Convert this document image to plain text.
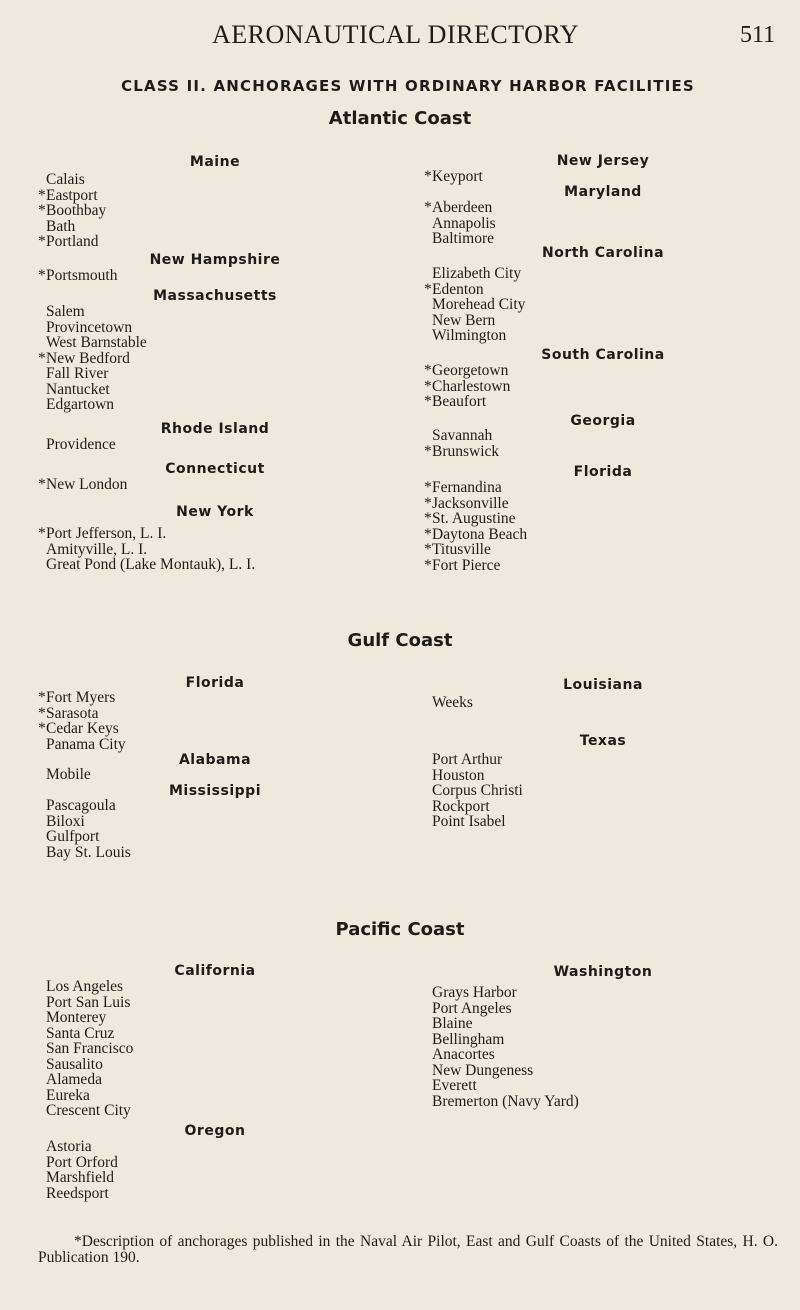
AERONAUTICAL DIRECTORY	511
CLASS II. ANCHORAGES WITH ORDINARY HARBOR FACILITIES
Atlantic Coast
Maine
Calais
*Eastport
*Boothbay
Bath
*Portland
New Hampshire
*Portsmouth
Massachusetts
Salem
Provincetown
West Barnstable
*New Bedford
Fall River
Nantucket
Edgartown
Rhode Island
Providence
Connecticut
*New London
New York
*Port Jefferson, L. I.
Amityville, L. I.
Great Pond (Lake Montauk), L. I.
New Jersey
*Keyport
Maryland
*Aberdeen
Annapolis
Baltimore
North Carolina
Elizabeth City
*Edenton
Morehead City
New Bern
Wilmington
South Carolina
*Georgetown
*Charlestown
*Beaufort
Georgia
Savannah
*Brunswick
Florida
*Fernandina
*Jacksonville
*St. Augustine
*Daytona Beach
*Titusville
*Fort Pierce
Gulf Coast
Florida
*Fort Myers
*Sarasota
*Cedar Keys
Panama City
Alabama
Mobile
Mississippi
Pascagoula
Biloxi
Gulfport
Bay St. Louis
Louisiana
Weeks
Texas
Port Arthur
Houston
Corpus Christi
Rockport
Point Isabel
Pacific Coast
California
Los Angeles
Port San Luis
Monterey
Santa Cruz
San Francisco
Sausalito
Alameda
Eureka
Crescent City
Oregon
Astoria
Port Orford
Marshfield
Reedsport
Washington
Grays Harbor
Port Angeles
Blaine
Bellingham
Anacortes
New Dungeness
Everett
Bremerton (Navy Yard)
*Description of anchorages published in the Naval Air Pilot, East and Gulf Coasts of the United States, H. O. Publication 190.
